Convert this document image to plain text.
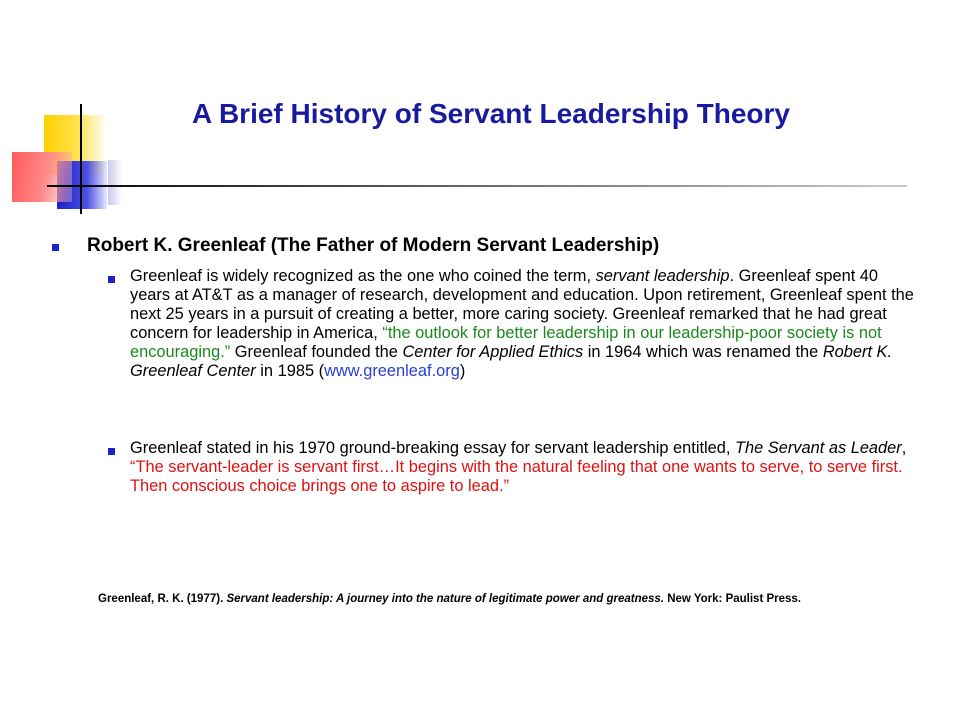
A Brief History of Servant Leadership Theory
Robert K. Greenleaf (The Father of Modern Servant Leadership)
Greenleaf is widely recognized as the one who coined the term, servant leadership. Greenleaf spent 40 years at AT&T as a manager of research, development and education. Upon retirement, Greenleaf spent the next 25 years in a pursuit of creating a better, more caring society. Greenleaf remarked that he had great concern for leadership in America, “the outlook for better leadership in our leadership-poor society is not encouraging.” Greenleaf founded the Center for Applied Ethics in 1964 which was renamed the Robert K. Greenleaf Center in 1985 (www.greenleaf.org)
Greenleaf stated in his 1970 ground-breaking essay for servant leadership entitled, The Servant as Leader, “The servant-leader is servant first…It begins with the natural feeling that one wants to serve, to serve first. Then conscious choice brings one to aspire to lead.”
Greenleaf, R. K. (1977). Servant leadership: A journey into the nature of legitimate power and greatness. New York: Paulist Press.
